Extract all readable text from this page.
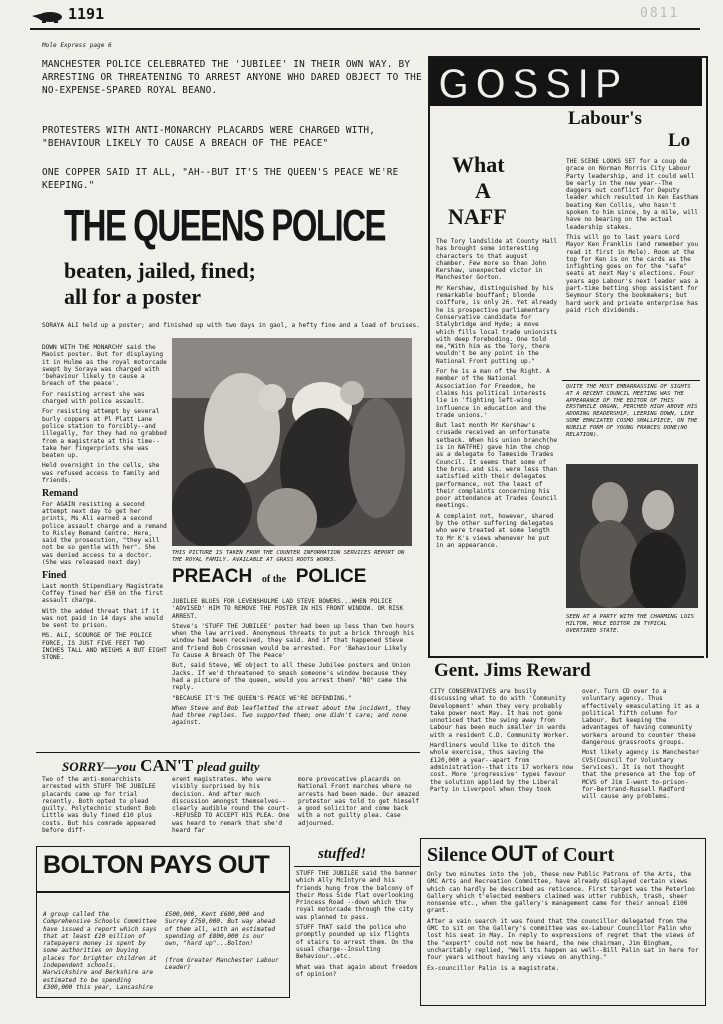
1191	0811
Mole Express page 6
MANCHESTER POLICE CELEBRATED THE 'JUBILEE' IN THEIR OWN WAY. BY ARRESTING OR THREATENING TO ARREST ANYONE WHO DARED OBJECT TO THE NO-EXPENSE-SPARED ROYAL BEANO.
PROTESTERS WITH ANTI-MONARCHY PLACARDS WERE CHARGED WITH, "BEHAVIOUR LIKELY TO CAUSE A BREACH OF THE PEACE"
ONE COPPER SAID IT ALL, "AH--BUT IT'S THE QUEEN'S PEACE WE'RE KEEPING."
THE QUEENS POLICE
beaten, jailed, fined;
all for a poster
SORAYA ALI held up a poster; and finished up with two days in gaol, a hefty fine and a load of bruises.

DOWN WITH THE MONARCHY said the Maoist poster. But for displaying it in Hulme as the royal motorcade swept by Soraya was charged with 'behaviour likely to cause a breach of the peace'.

For resisting arrest she was charged with police assault.

For resisting attempt by several burly coppers at Pl Platt Lane police station to forcibly--and illegally, for they had no grabbed from a magistrate at this time--take her fingerprints she was beaten up.

Held overnight in the cells, she was refused access to family and friends.

Remand

For AGAIN resisting a second attempt next day to get her prints, Ms Ali earned a second police assault charge and a remand to Risley Remand Centre. Here, said the prosecution, "they will not be so gentle with her". She was denied access to a doctor. (She was released next day)

Fined

Last month Stipendiary Magistrate Coffey fined her £50 on the first assault charge.

With the added threat that if it was not paid in 14 days she would be sent to prison.

MS. ALI, SCOURGE OF THE POLICE FORCE, IS JUST FIVE FEET TWO INCHES TALL AND WEIGHS A BUT EIGHT STONE.

THIS PICTURE IS TAKEN FROM THE COUNTER INFORMATION SERVICES REPORT ON THE ROYAL FAMILY. AVAILABLE AT GRASS ROOTS WORKS.
PREACH of the POLICE

JUBILEE BLUES FOR LEVENSHULME LAD STEVE BOWERS...WHEN POLICE 'ADVISED' HIM TO REMOVE THE POSTER IN HIS FRONT WINDOW. OR RISK ARREST.

Steve's 'STUFF THE JUBILEE' poster had been up less than two hours when the law arrived. Anonymous threats to put a brick through his window had been received, they said. And if that happened Steve and friend Bob Crossman would be arrested. For 'Behaviour Likely To Cause A Breach Of The Peace'

But, said Steve, WE object to all these Jubilee posters and Union Jacks. If we'd threatened to smash someone's window because they had a picture of the queen, would you arrest them? "NO" came the reply.

"BECAUSE IT'S THE QUEEN'S PEACE WE'RE DEFENDING."

When Steve and Bob leafletted the street about the incident, they had three replies. Two supported them; one didn't care; and none against.

SORRY—you CAN'T plead guilty
Two of the anti-monarchists arrested with STUFF THE JUBILEE placards came up for trial recently. Both opted to plead guilty. Polytechnic student Bob Little was duly fined £10 plus costs. But his comrade appeared before diff-
erent magistrates. Who were visibly surprised by his decision. And after much discussion amongst themselves--clearly audible round the court--REFUSED TO ACCEPT HIS PLEA. One was heard to remark that she'd heard far
more provocative placards on National Front marches where no arrests had been made. Our amazed protestor was told to get himself a good solicitor and come back with a not guilty plea. Case adjourned.
BOLTON PAYS OUT
A group called the Comprehensive Schools Committee have issued a report which says that at least £10 million of ratepayers money is spent by some authorities on buying places for brighter children at independent schools. Warwickshire and Berkshire are estimated to be spending £300,000 this year, Lancashire
£500,000, Kent £600,000 and Surrey £750,000. But way ahead of them all, with an estimated spending of £800,000 is our own, "hard up"...Bolton!
(from Greater Manchester Labour Leader)
stuffed!

STUFF THE JUBILEE said the banner which Ally McIntyre and his friends hung from the balcony of their Moss Side flat overlooking Princess Road --down which the royal motorcade through the city was planned to pass.

STUFF THAT said the police who promptly pounded up six flights of stairs to arrest them. On the usual charge--Insulting Behaviour..etc.

What was that again about freedom of opinion?

GOSSIP
What
A
NAFF

The Tory landslide at County Hall has brought some interesting characters to that august chamber. Few more so than John Kershaw, unexpected victor in Manchester Gorton.

Mr Kershaw, distinguished by his remarkable bouffant; blonde coiffure, is only 26. Yet already he is prospective parliamentary Conservative candidate for Stalybridge and Hyde; a move which fills local trade unionists with deep foreboding. One told me,"With him as the Tory, there wouldn't be any point in the National Front putting up."

For he is a man of the Right. A member of the National Association for Freedom, he claims his political interests lie in 'fighting left-wing influence in education and the trade unions.'

But last month Mr Kershaw's crusade received an unfortunate setback. When his union branch(he is in NATFHE) gave him the chop as a delegate to Tameside Trades Council. It seems that some of the bros. and sis. were less than satisfied with their delegates performance, not the least of their complaints concerning his poor attendance at Trades Council meetings.

A complaint not, however, shared by the other suffering delegates who were treated at some length to Mr K's views whenever he put in an appearance.

Labour's
Lo

THE SCENE LOOKS SET for a coup de grace on Norman Morris City Labour Party leadership, and it could well be early in the new year--The daggers out conflict for Deputy leader which resulted in Ken Eastham beating Ken Collis, who hasn't spoken to him since, by a mile, will have no bearing on the actual leadership stakes.

This will go to last years Lord Mayor Ken Franklin (and remember you read it first in Mole). Room at the top for Ken is on the cards as the infighting goes on for the "safe" seats at next May's elections. Four years ago Labour's next leader was a part-time betting shop assistant for Seymour Story the bookmakers; but hard work and private enterprise has paid rich dividends.

QUITE THE MOST EMBARRASSING OF SIGHTS AT A RECENT COUNCIL MEETING WAS THE APPEARANCE OF THE EDITOR OF THIS ERSTWHILE ORGAN, PERCHED HIGH ABOVE HIS ADORING READERSHIP, LEERING DOWN, LIKE SOME EMACIATED COSMO SMALLPIECE, ON THE NUBILE FORM OF YOUNG FRANCES DONE(NO RELATION).
SEEN AT A PARTY WITH THE CHARMING LOIS HILTON, MOLE EDITOR IN TYPICAL OVERTIRED STATE.
Gent. Jims Reward

CITY CONSERVATIVES are busily discussing what to do with 'Community Development' when they very probably take power next May. It has not gone unnoticed that the swing away from Labour has been much smaller in wards with a resident C.D. Community Worker.

Hardliners would like to ditch the whole exercise, thus saving the £120,000 a year--apart from administration--that its 17 workers now cost. More 'progressive' types favour the solution applied by the Liberal Party in Liverpool when they took

over. Turn CD over to a voluntary agency. Thus effectively emasculating it as a political fifth column for Labour. But keeping the advantages of having community workers around to counter these dangerous grassroots groups.

Most likely agency is Manchester CVS(Council for Voluntary Services). It is not thought that the presence at the top of MCVS of Jim I-went to-prison-for-Bertrand-Russell Radford will cause any problems.

Silence OUT of Court

Only two minutes into the job, these new Public Patrons of the Arts, the GMC Arts and Recreation Committee, have already displayed certain views which can hardly be described as reticence. First target was the Peterloo Gallery which t'elected members claimed was utter rubbish, trash, sheer nonsense etc., when the gallery's management came for their annual £100 grant.

After a vain search it was found that the councillor delegated from the GMC to sit on the Gallery's committee was ex-Labour Councillor Palin who lost his seat in May. In reply to expressions of regret that the views of the "expert" could not now be heard, the new chairman, Jim Bingham, uncharitably replied, "Well its happen as well--Bill Palin sat in here for four years without having any views on anything."

Ex-councillor Palin is a magistrate.
